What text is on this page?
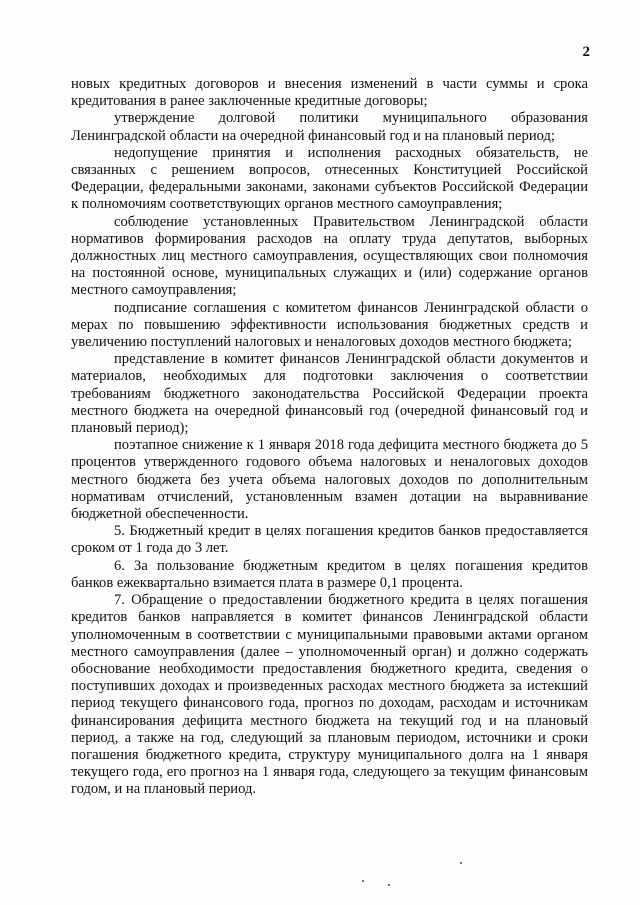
2

новых кредитных договоров и внесения изменений в части суммы и срока кредитования в ранее заключенные кредитные договоры;

утверждение долговой политики муниципального образования Ленинградской области на очередной финансовый год и на плановый период;

недопущение принятия и исполнения расходных обязательств, не связанных с решением вопросов, отнесенных Конституцией Российской Федерации, федеральными законами, законами субъектов Российской Федерации к полномочиям соответствующих органов местного самоуправления;

соблюдение установленных Правительством Ленинградской области нормативов формирования расходов на оплату труда депутатов, выборных должностных лиц местного самоуправления, осуществляющих свои полномочия на постоянной основе, муниципальных служащих и (или) содержание органов местного самоуправления;

подписание соглашения с комитетом финансов Ленинградской области о мерах по повышению эффективности использования бюджетных средств и увеличению поступлений налоговых и неналоговых доходов местного бюджета;

представление в комитет финансов Ленинградской области документов и материалов, необходимых для подготовки заключения о соответствии требованиям бюджетного законодательства Российской Федерации проекта местного бюджета на очередной финансовый год (очередной финансовый год и плановый период);

поэтапное снижение к 1 января 2018 года дефицита местного бюджета до 5 процентов утвержденного годового объема налоговых и неналоговых доходов местного бюджета без учета объема налоговых доходов по дополнительным нормативам отчислений, установленным взамен дотации на выравнивание бюджетной обеспеченности.

5. Бюджетный кредит в целях погашения кредитов банков предоставляется сроком от 1 года до 3 лет.

6. За пользование бюджетным кредитом в целях погашения кредитов банков ежеквартально взимается плата в размере 0,1 процента.

7. Обращение о предоставлении бюджетного кредита в целях погашения кредитов банков направляется в комитет финансов Ленинградской области уполномоченным в соответствии с муниципальными правовыми актами органом местного самоуправления (далее – уполномоченный орган) и должно содержать обоснование необходимости предоставления бюджетного кредита, сведения о поступивших доходах и произведенных расходах местного бюджета за истекший период текущего финансового года, прогноз по доходам, расходам и источникам финансирования дефицита местного бюджета на текущий год и на плановый период, а также на год, следующий за плановым периодом, источники и сроки погашения бюджетного кредита, структуру муниципального долга на 1 января текущего года, его прогноз на 1 января года, следующего за текущим финансовым годом, и на плановый период.
